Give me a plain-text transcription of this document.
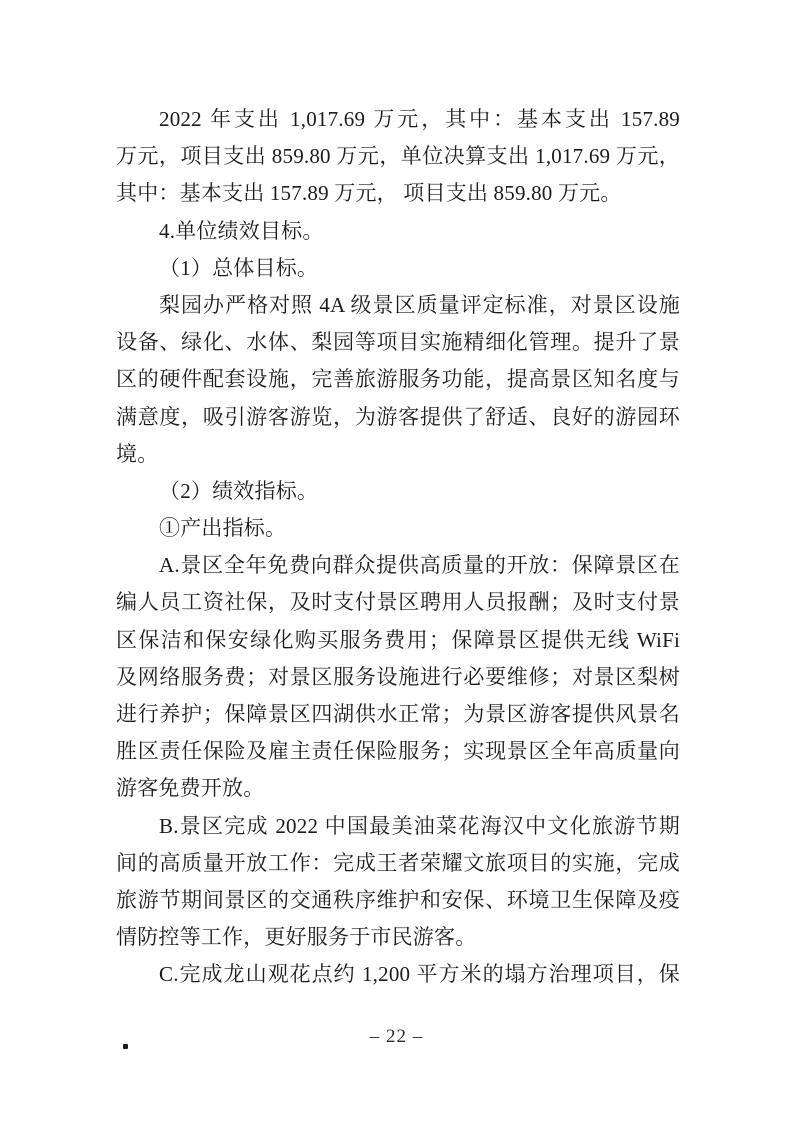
2022 年支出 1,017.69 万元，其中：基本支出 157.89
万元，项目支出 859.80 万元，单位决算支出 1,017.69 万元，
其中：基本支出 157.89 万元， 项目支出 859.80 万元。
4.单位绩效目标。
（1）总体目标。
梨园办严格对照 4A 级景区质量评定标准，对景区设施
设备、绿化、水体、梨园等项目实施精细化管理。提升了景
区的硬件配套设施，完善旅游服务功能，提高景区知名度与
满意度，吸引游客游览，为游客提供了舒适、良好的游园环
境。
（2）绩效指标。
①产出指标。
A.景区全年免费向群众提供高质量的开放：保障景区在
编人员工资社保，及时支付景区聘用人员报酬；及时支付景
区保洁和保安绿化购买服务费用；保障景区提供无线 WiFi
及网络服务费；对景区服务设施进行必要维修；对景区梨树
进行养护；保障景区四湖供水正常；为景区游客提供风景名
胜区责任保险及雇主责任保险服务；实现景区全年高质量向
游客免费开放。
B.景区完成 2022 中国最美油菜花海汉中文化旅游节期
间的高质量开放工作：完成王者荣耀文旅项目的实施，完成
旅游节期间景区的交通秩序维护和安保、环境卫生保障及疫
情防控等工作，更好服务于市民游客。
C.完成龙山观花点约 1,200 平方米的塌方治理项目，保
– 22 –
